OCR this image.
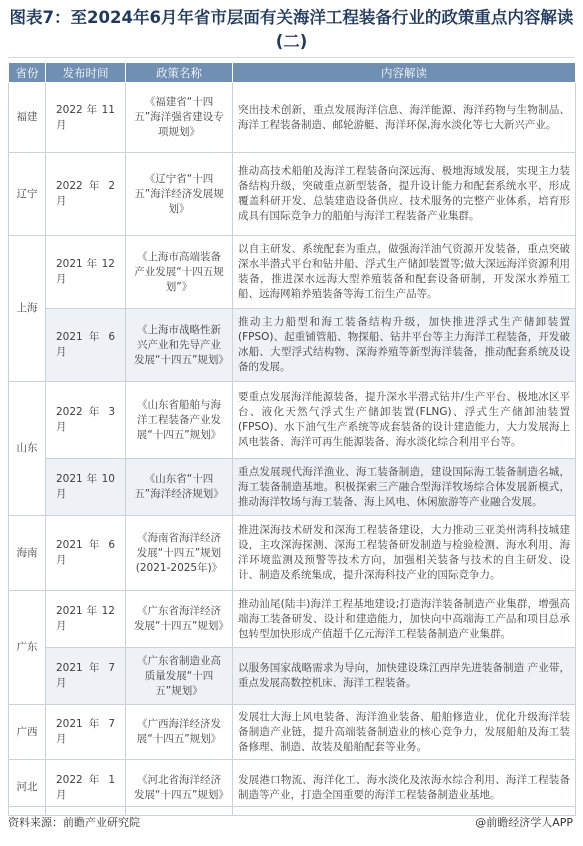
图表7：至2024年6月年省市层面有关海洋工程装备行业的政策重点内容解读(二)
省份	发布时间	政策名称	内容解读
福建	2022 年 11 月	《福建省“十四五”海洋强省建设专项规划》	突出技术创新，重点发展海洋信息、海洋能源、海洋药物与生物制品、海洋工程装备制造、邮轮游艇、海洋环保,海水淡化等七大新兴产业。
辽宁	2022 年 2 月	《辽宁省“十四五”海洋经济发展规划》	推动高技术船舶及海洋工程装备向深远海、极地海域发展，实现主力装备结构升级，突破重点新型装备，提升设计能力和配套系统水平，形成覆盖科研开发、总装建造设备供应、技术服务的完整产业体系，培育形成具有国际竞争力的船舶与海洋工程装备产业集群。
上海	2021 年 12 月	《上海市高端装备产业发展“十四五规划”》	以自主研发、系统配套为重点，做强海洋油气资源开发装备，重点突破深水半潜式平台和钻井船、浮式生产储卸装置等;做大深远海洋资源利用装备，推进深水远海大型养殖装备和配套设备研制，开发深水养殖工船、远海网箱养殖装备等海工衍生产品等。
	2021 年 6 月	《上海市战略性新兴产业和先导产业发展“十四五”规划》	推动主力船型和海工装备结构升级，加快推进浮式生产储卸装置(FPSO)、起重铺管船、物探船、钻井平台等主力海洋工程装备，开发破冰船、大型浮式结构物、深海养殖等新型海洋装备，推动配套系统及设备的发展。
山东	2022 年 3 月	《山东省船舶与海洋工程装备产业发展“十四五”规划》	要重点发展海洋能源装备，提升深水半潜式钻井/生产平台、极地冰区平台、液化天然气浮式生产储卸装置(FLNG)、浮式生产储卸油装置(FPSO)、水下油气生产系统等成套装备的设计建造能力，大力发展海上风电装备、海洋可再生能源装备、海水淡化综合利用平台等。
	2021 年 10 月	《山东省“十四五”海洋经济规划》	重点发展现代海洋渔业、海工装备制造，建设国际海工装备制造名城，海工装备制造基地。积极探索三产融合型海洋牧场综合体发展新模式，推动海洋牧场与海工装备、海上风电、休闲旅游等产业融合发展。
海南	2021 年 6 月	《海南省海洋经济发展“十四五”规划(2021-2025年)》	推进深海技术研发和深海工程装备建设，大力推动三亚美州湾科技城建设，主攻深海探测、深海工程装备研发制造与检验检测、海水利用、海洋环境监测及预警等技术方向，加强相关装备与技术的自主研发、设计、制造及系统集成，提升深海科技产业的国际竞争力。
广东	2021 年 12 月	《广东省海洋经济发展“十四五”规划》	推动汕尾(陆丰)海洋工程基地建设;打造海洋装备制造产业集群，增强高端海工装备研发、设计和建造能力，加快向中高端海工产品和项目总承包转型加快形成产值超千亿元海洋工程装备制造产业集群。
	2021 年 7 月	《广东省制造业高质量发展“十四五”规划》	以服务国家战略需求为导向，加快建设珠江西岸先进装备制造 产业带，重点发展高数控机床、海洋工程装备。
广西	2021 年 7 月	《广西海洋经济发展“十四五”规划》	发展壮大海上风电装备、海洋渔业装备、船舶修造业，优化升级海洋装备制造产业链，提升高端装备制造业的核心竞争力，发展船舶及海工装备修理、制造、故装及船舶配套等业务。
河北	2022 年 1 月	《河北省海洋经济发展“十四五”规划》	发展港口物流、海洋化工、海水淡化及浓海水综合利用、海洋工程装备制造等产业，打造全国重要的海洋工程装备制造业基地。
资料来源：前瞻产业研究院	@前瞻经济学人APP
